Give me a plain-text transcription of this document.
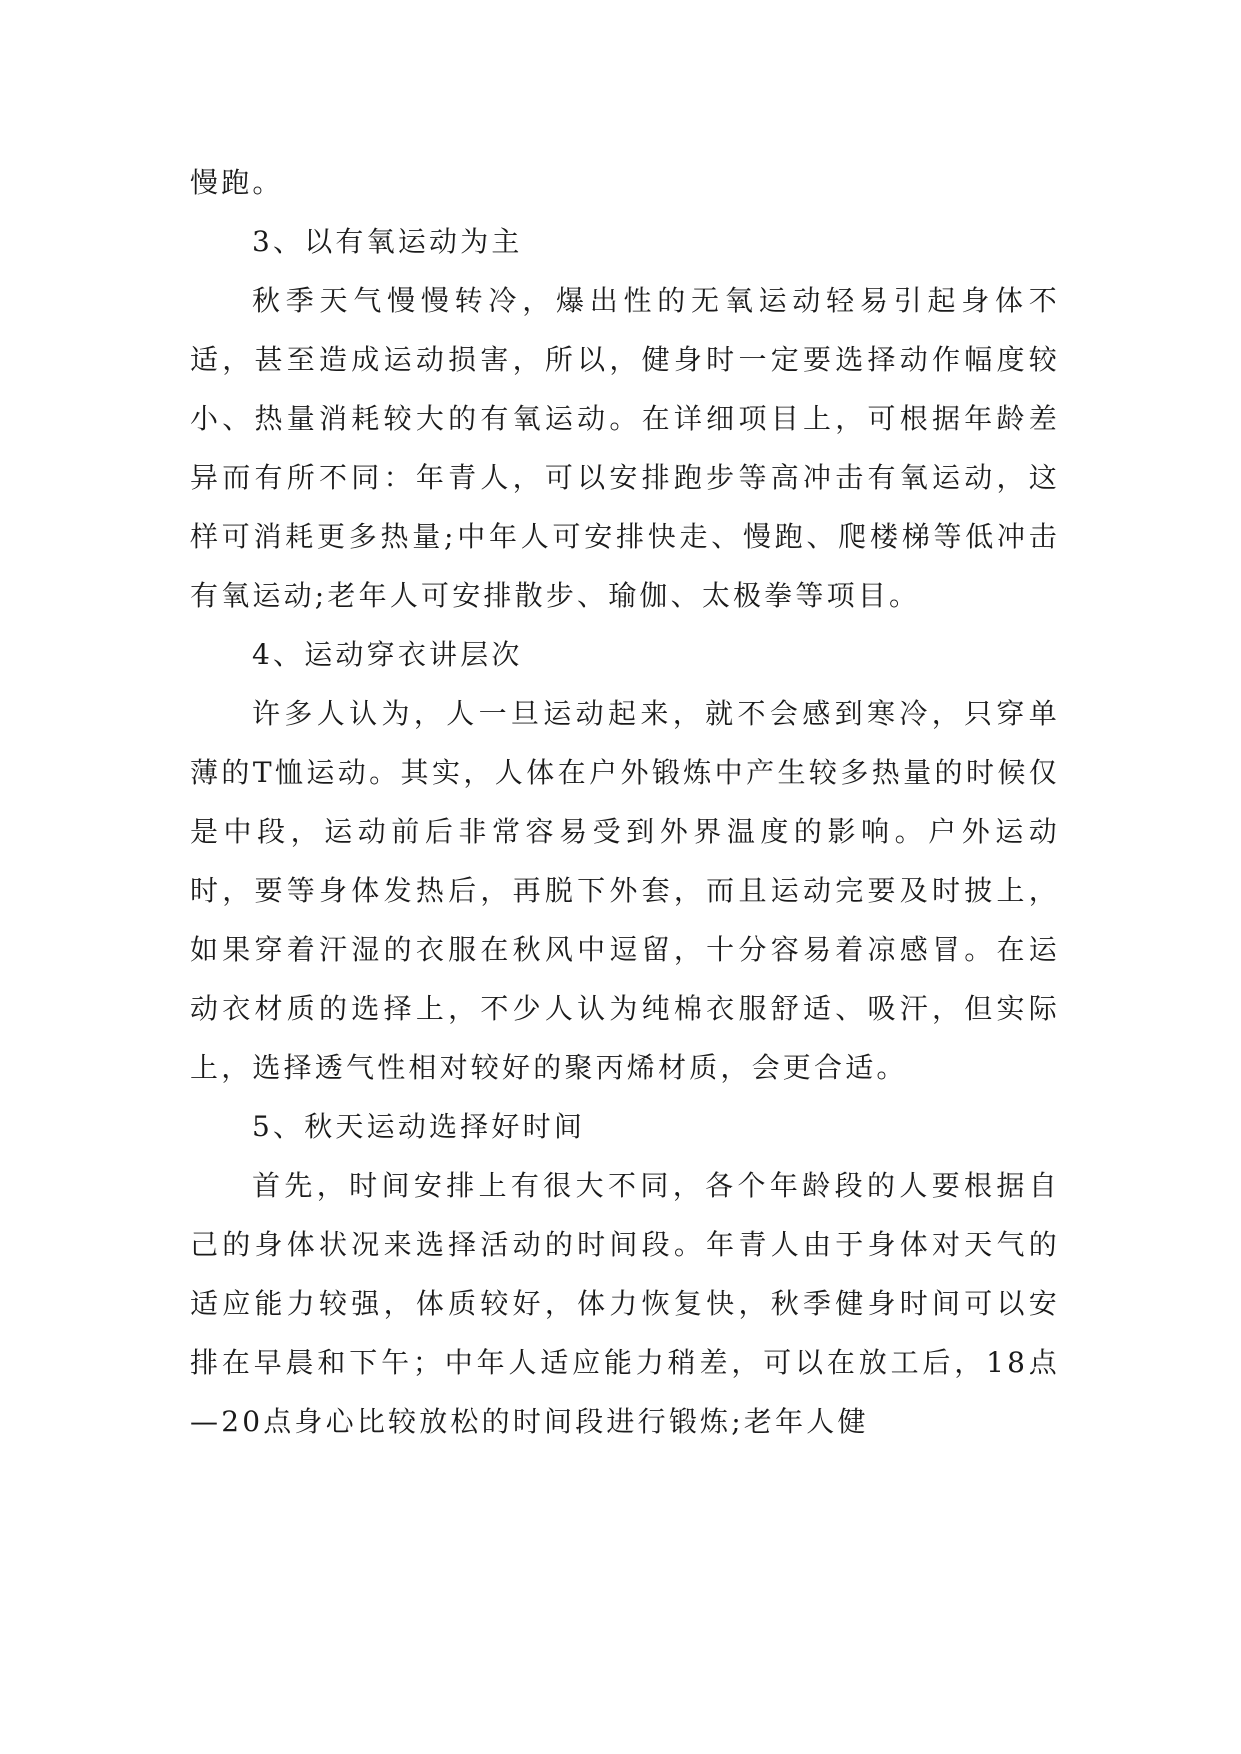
慢跑。

3、以有氧运动为主

秋季天气慢慢转冷，爆出性的无氧运动轻易引起身体不适，甚至造成运动损害，所以，健身时一定要选择动作幅度较小、热量消耗较大的有氧运动。在详细项目上，可根据年龄差异而有所不同：年青人，可以安排跑步等高冲击有氧运动，这样可消耗更多热量;中年人可安排快走、慢跑、爬楼梯等低冲击有氧运动;老年人可安排散步、瑜伽、太极拳等项目。

4、运动穿衣讲层次

许多人认为，人一旦运动起来，就不会感到寒冷，只穿单薄的T恤运动。其实，人体在户外锻炼中产生较多热量的时候仅是中段，运动前后非常容易受到外界温度的影响。户外运动时，要等身体发热后，再脱下外套，而且运动完要及时披上，如果穿着汗湿的衣服在秋风中逗留，十分容易着凉感冒。在运动衣材质的选择上，不少人认为纯棉衣服舒适、吸汗，但实际上，选择透气性相对较好的聚丙烯材质，会更合适。

5、秋天运动选择好时间

首先，时间安排上有很大不同，各个年龄段的人要根据自己的身体状况来选择活动的时间段。年青人由于身体对天气的适应能力较强，体质较好，体力恢复快，秋季健身时间可以安排在早晨和下午；中年人适应能力稍差，可以在放工后，18点—20点身心比较放松的时间段进行锻炼;老年人健
